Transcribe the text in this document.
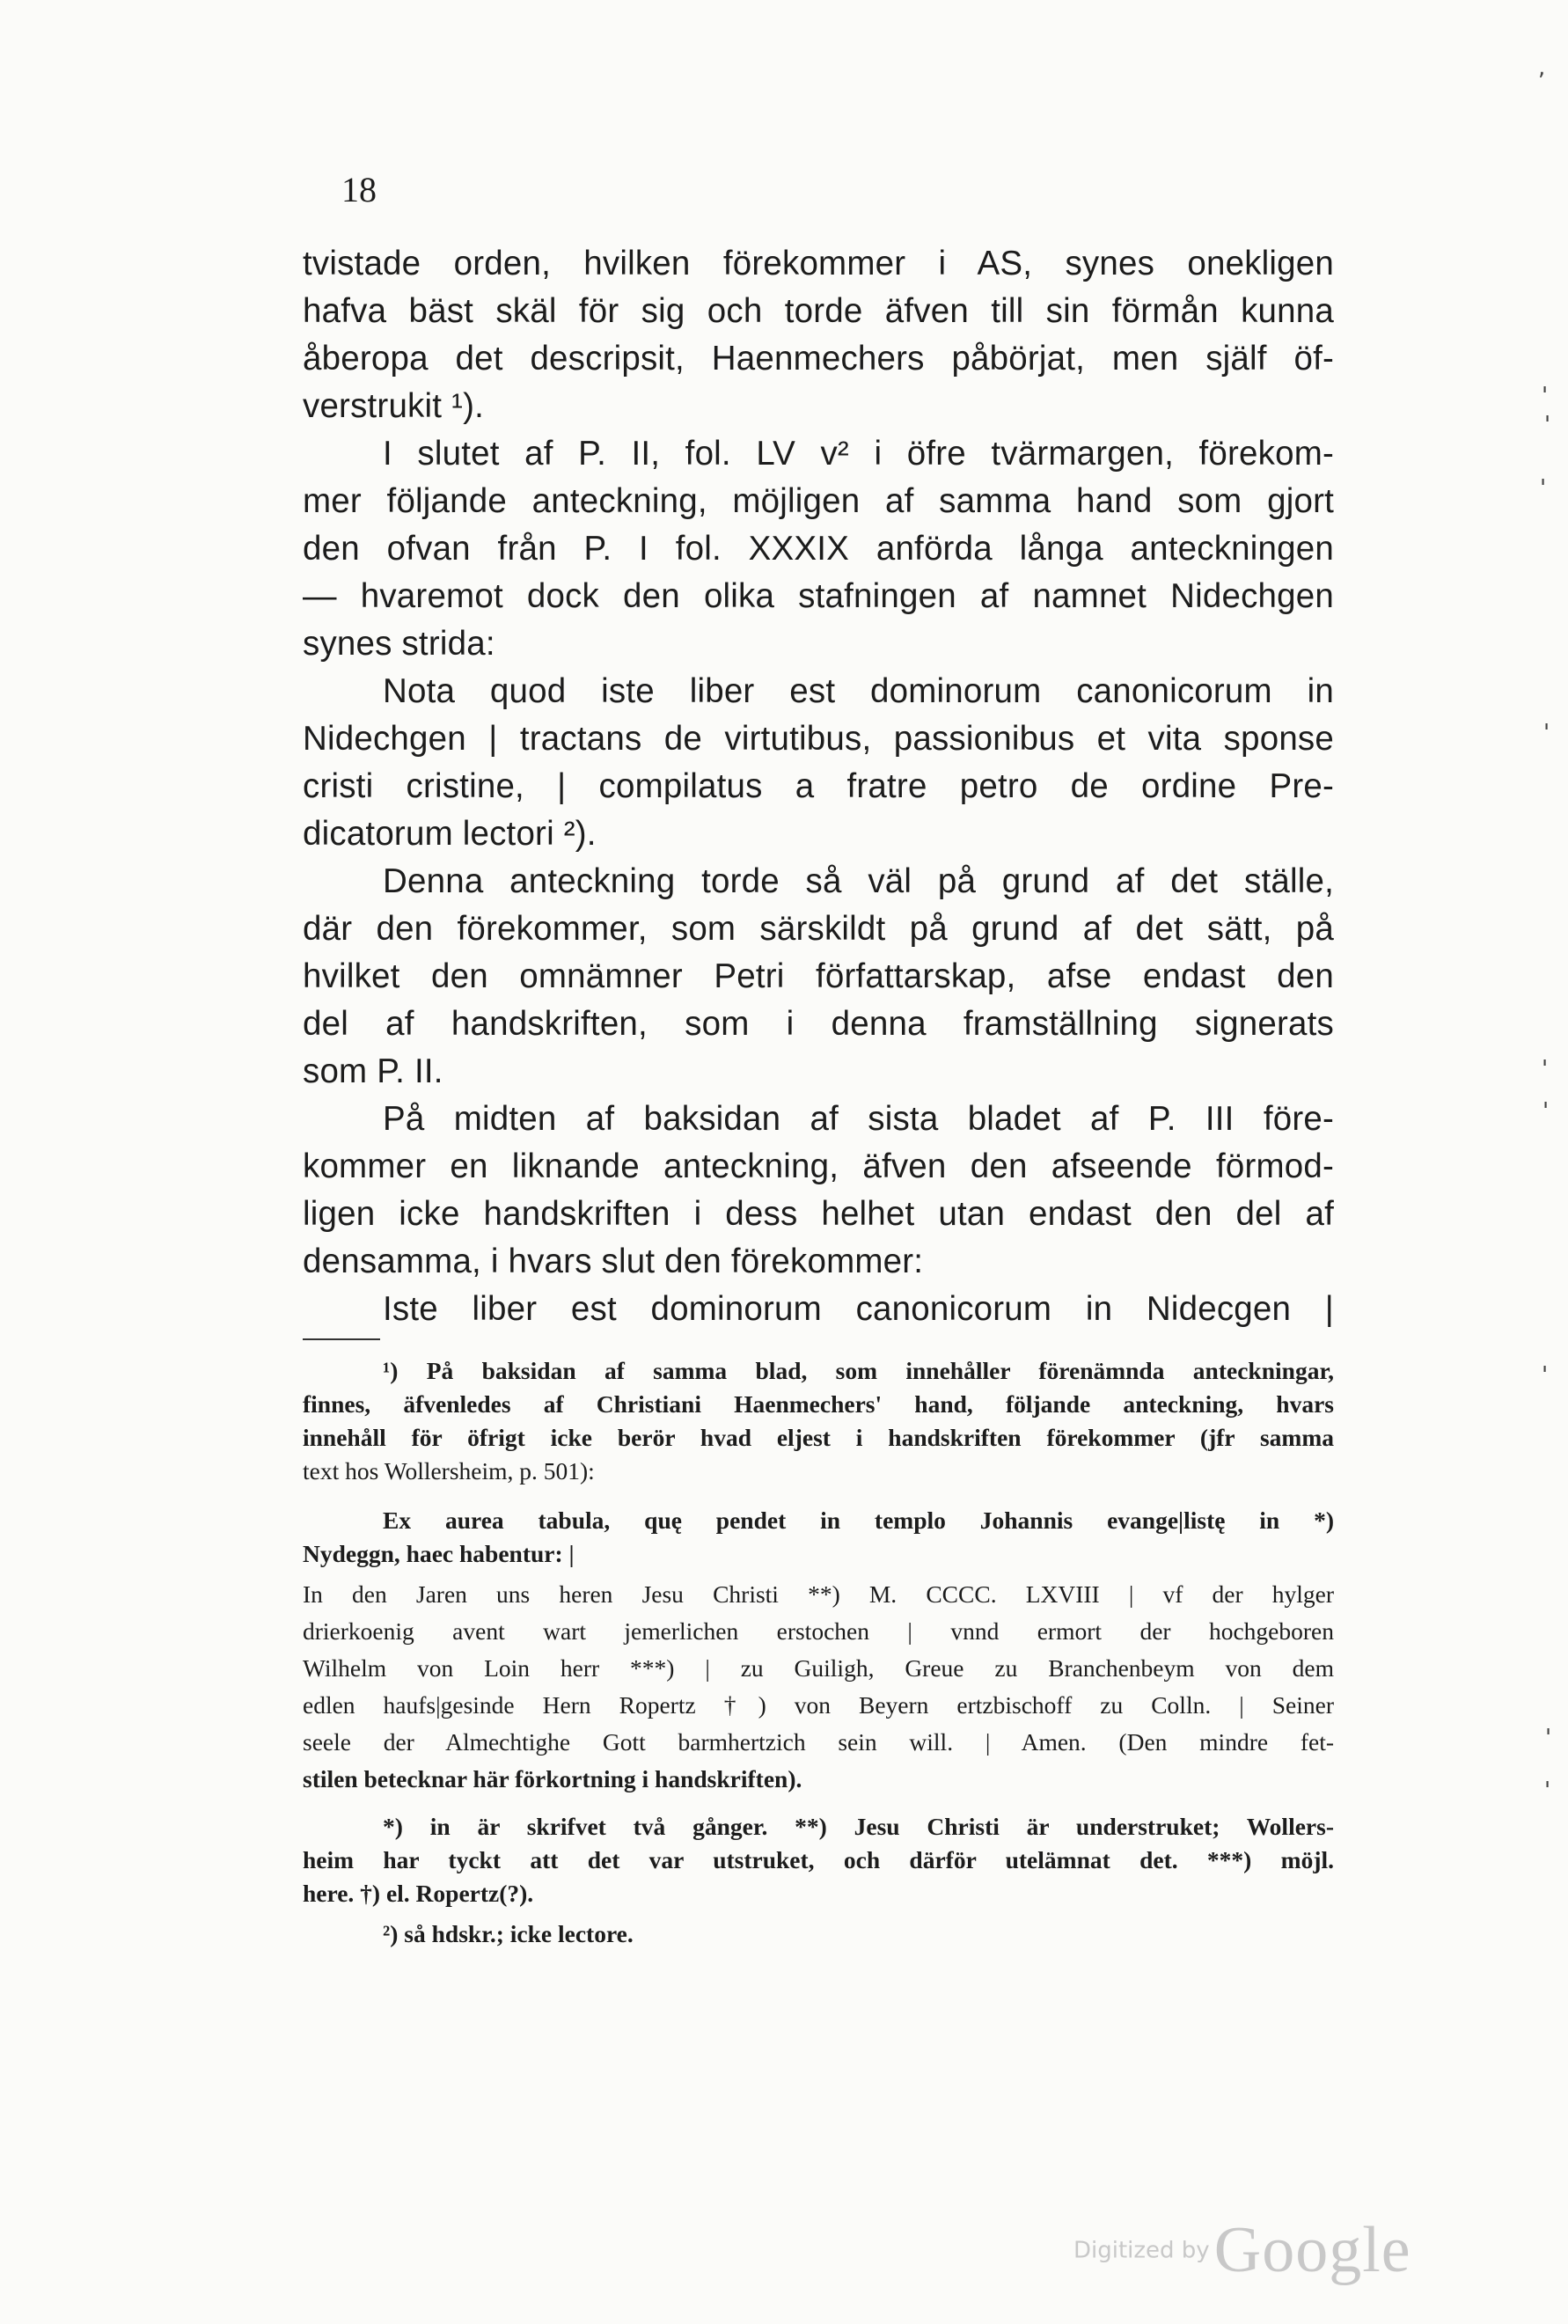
18
tvistade orden, hvilken förekommer i AS, synes onekligen
hafva bäst skäl för sig och torde äfven till sin förmån kunna
åberopa det descripsit, Haenmechers påbörjat, men själf öf-
verstrukit ¹).
I slutet af P. II, fol. LV v² i öfre tvärmargen, förekom-
mer följande anteckning, möjligen af samma hand som gjort
den ofvan från P. I fol. XXXIX anförda långa anteckningen
— hvaremot dock den olika stafningen af namnet Nidechgen
synes strida:
Nota quod iste liber est dominorum canonicorum in
Nidechgen | tractans de virtutibus, passionibus et vita sponse
cristi cristine, | compilatus a fratre petro de ordine Pre-
dicatorum lectori ²).
Denna anteckning torde så väl på grund af det ställe,
där den förekommer, som särskildt på grund af det sätt, på
hvilket den omnämner Petri författarskap, afse endast den
del af handskriften, som i denna framställning signerats
som P. II.
På midten af baksidan af sista bladet af P. III före-
kommer en liknande anteckning, äfven den afseende förmod-
ligen icke handskriften i dess helhet utan endast den del af
densamma, i hvars slut den förekommer:
Iste liber est dominorum canonicorum in Nidecgen |
¹) På baksidan af samma blad, som innehåller förenämnda anteckningar,
finnes, äfvenledes af Christiani Haenmechers' hand, följande anteckning, hvars
innehåll för öfrigt icke berör hvad eljest i handskriften förekommer (jfr samma
text hos Wollersheim, p. 501):
Ex aurea tabula, quę pendet in templo Johannis evange|listę in *)
Nydeggn, haec habentur: |
In den Jaren uns heren Jesu Christi **) M. CCCC. LXVIII | vf der hylger
drierkoenig avent wart jemerlichen erstochen | vnnd ermort der hochgeboren
Wilhelm von Loin herr ***) | zu Guiligh, Greue zu Branchenbeym von dem
edlen haufs|gesinde Hern Ropertz †) von Beyern ertzbischoff zu Colln. | Seiner
seele der Almechtighe Gott barmhertzich sein will. | Amen. (Den mindre fet-
stilen betecknar här förkortning i handskriften).
*) in är skrifvet två gånger. **) Jesu Christi är understruket; Wollers-
heim har tyckt att det var utstruket, och därför utelämnat det. ***) möjl.
here. †) el. Ropertz(?).
²) så hdskr.; icke lectore.
,
'
'
'
'
'
'
'
'
'
Digitized by Google
